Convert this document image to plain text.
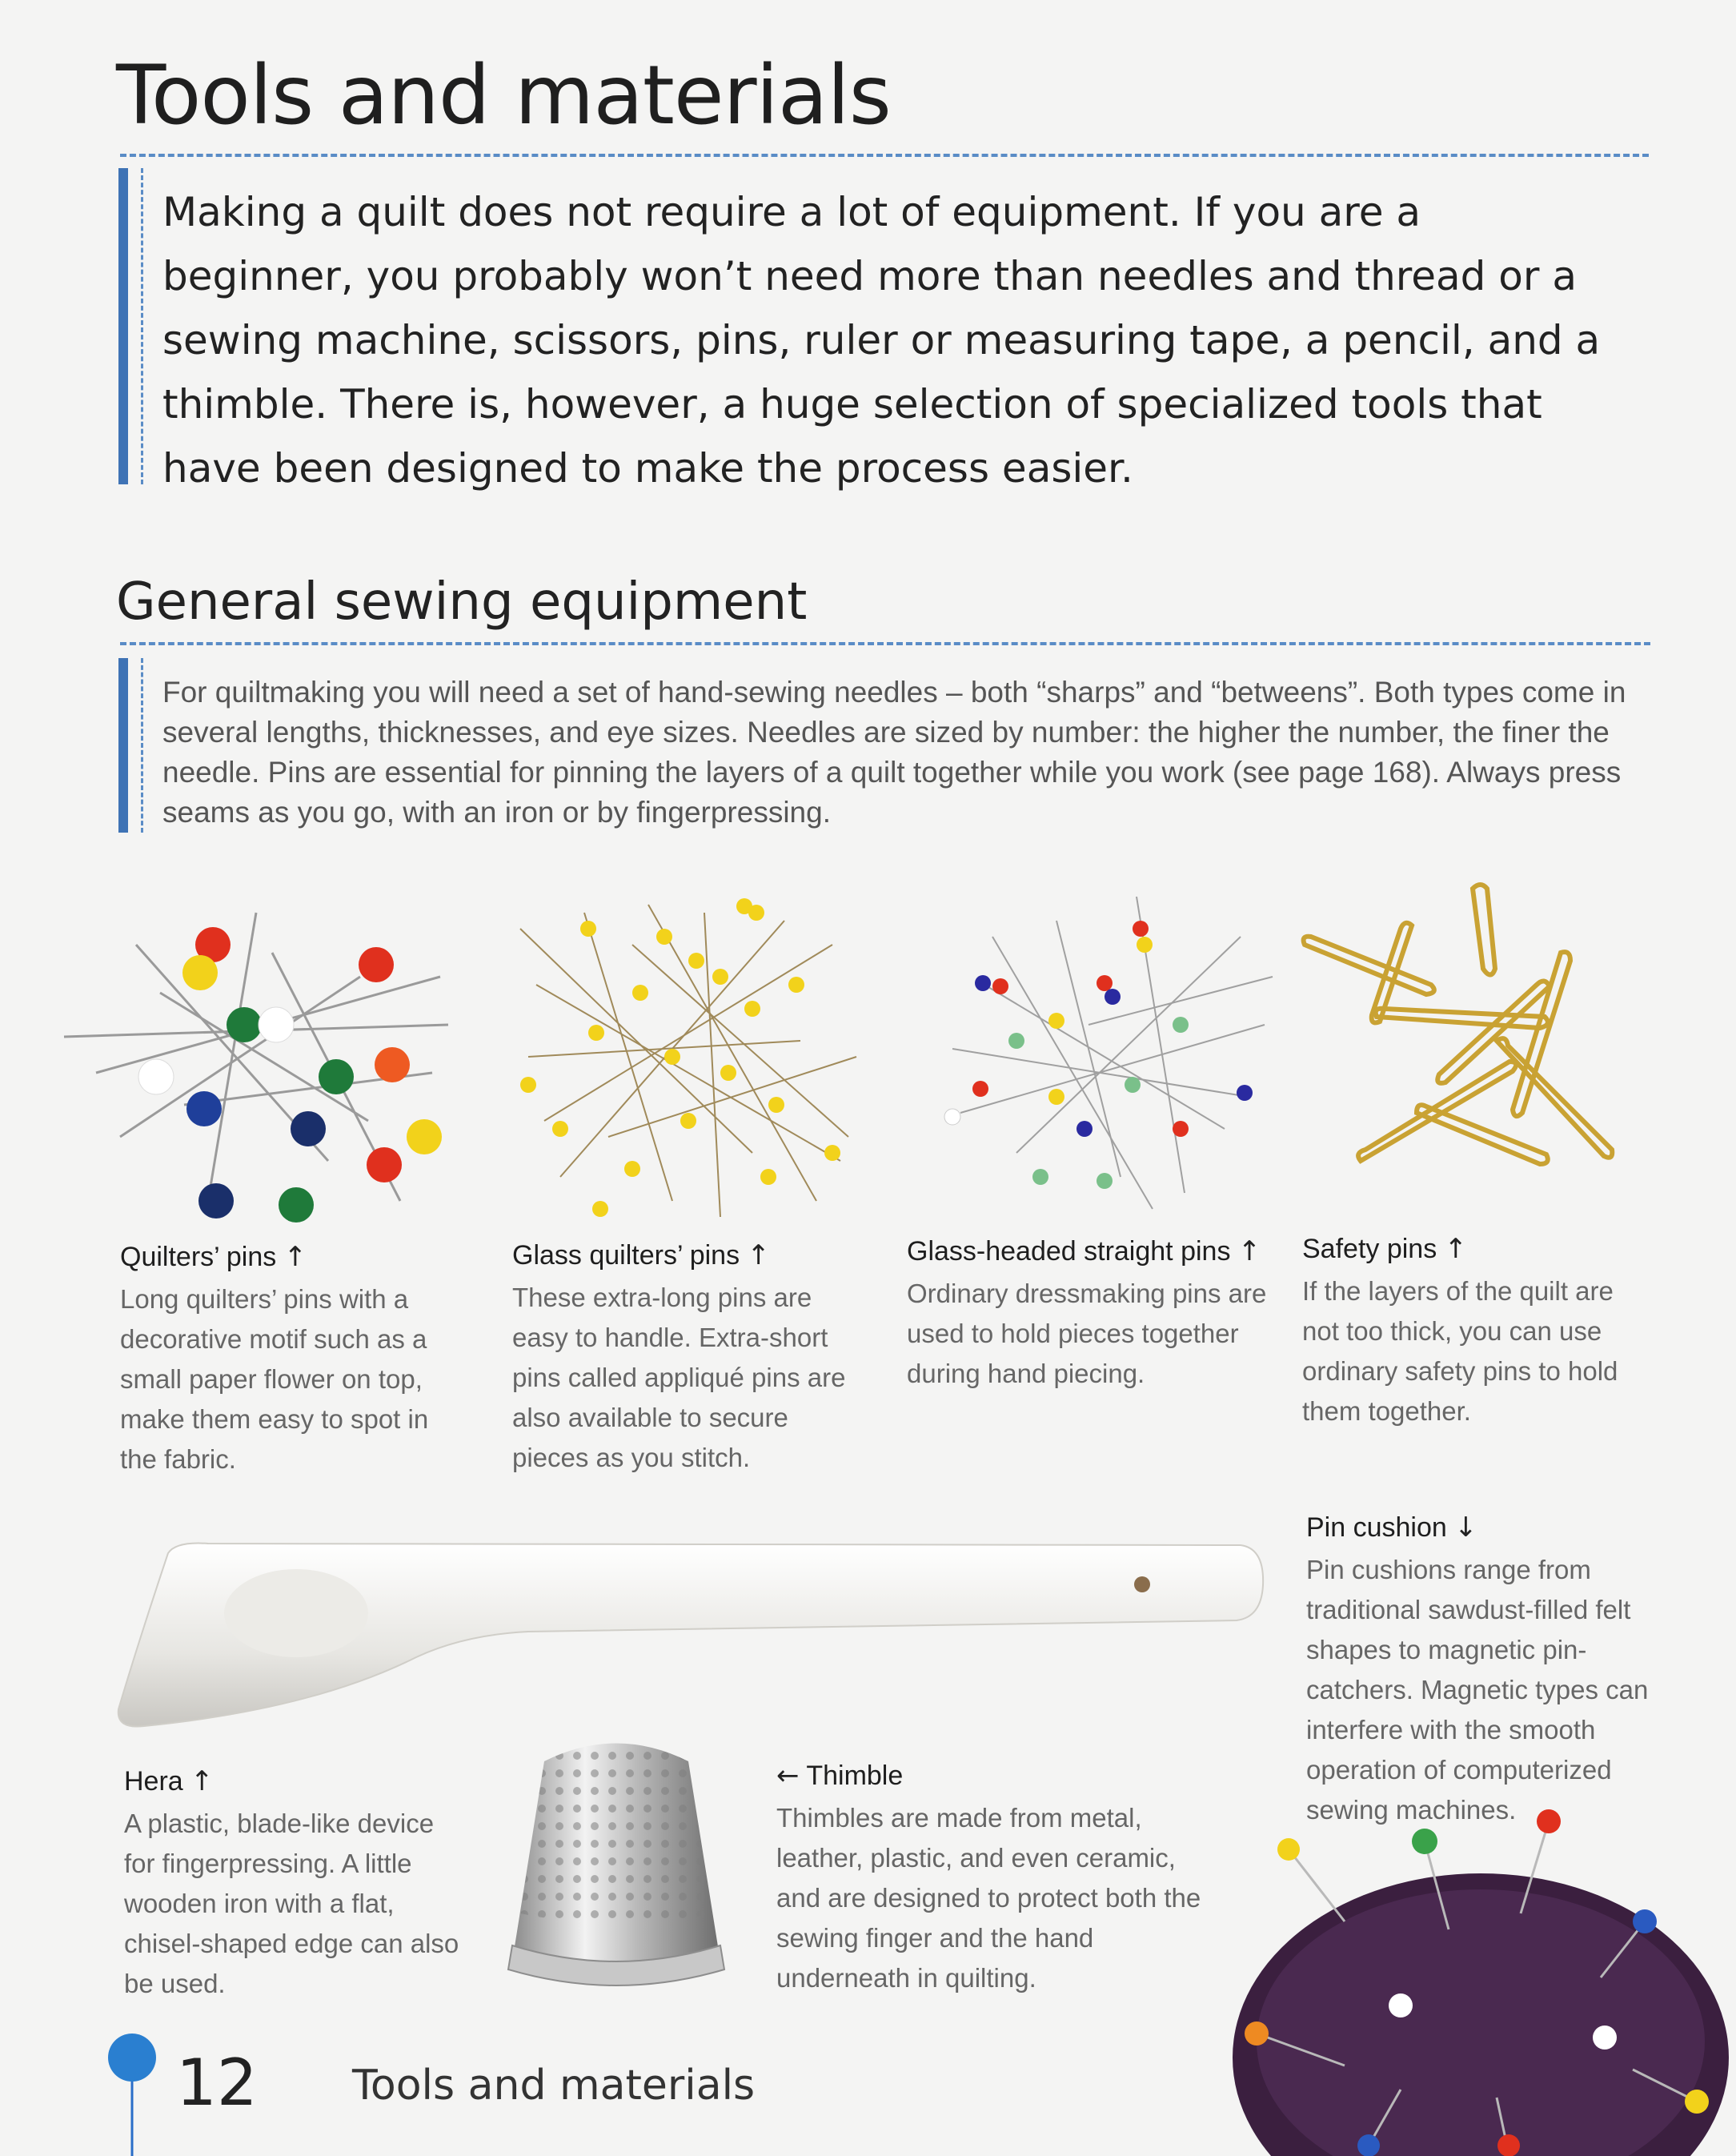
Tools and materials

Making a quilt does not require a lot of equipment. If you are a beginner, you probably won’t need more than needles and thread or a sewing machine, scissors, pins, ruler or measuring tape, a pencil, and a thimble. There is, however, a huge selection of specialized tools that have been designed to make the process easier.

General sewing equipment

For quiltmaking you will need a set of hand-sewing needles – both “sharps” and “betweens”. Both types come in several lengths, thicknesses, and eye sizes. Needles are sized by number: the higher the number, the finer the needle. Pins are essential for pinning the layers of a quilt together while you work (see page 168). Always press seams as you go, with an iron or by fingerpressing.

Quilters’ pins ↑

Long quilters’ pins with a decorative motif such as a small paper flower on top, make them easy to spot in the fabric.

Glass quilters’ pins ↑

These extra-long pins are easy to handle. Extra-short pins called appliqué pins are also available to secure pieces as you stitch.

Glass-headed straight pins ↑

Ordinary dressmaking pins are used to hold pieces together during hand piecing.

Safety pins ↑

If the layers of the quilt are not too thick, you can use ordinary safety pins to hold them together.

Pin cushion ↓

Pin cushions range from traditional sawdust-filled felt shapes to magnetic pin-catchers. Magnetic types can interfere with the smooth operation of computerized sewing machines.

Hera ↑

A plastic, blade-like device for fingerpressing. A little wooden iron with a flat, chisel-shaped edge can also be used.

← Thimble

Thimbles are made from metal, leather, plastic, and even ceramic, and are designed to protect both the sewing finger and the hand underneath in quilting.

12 Tools and materials
